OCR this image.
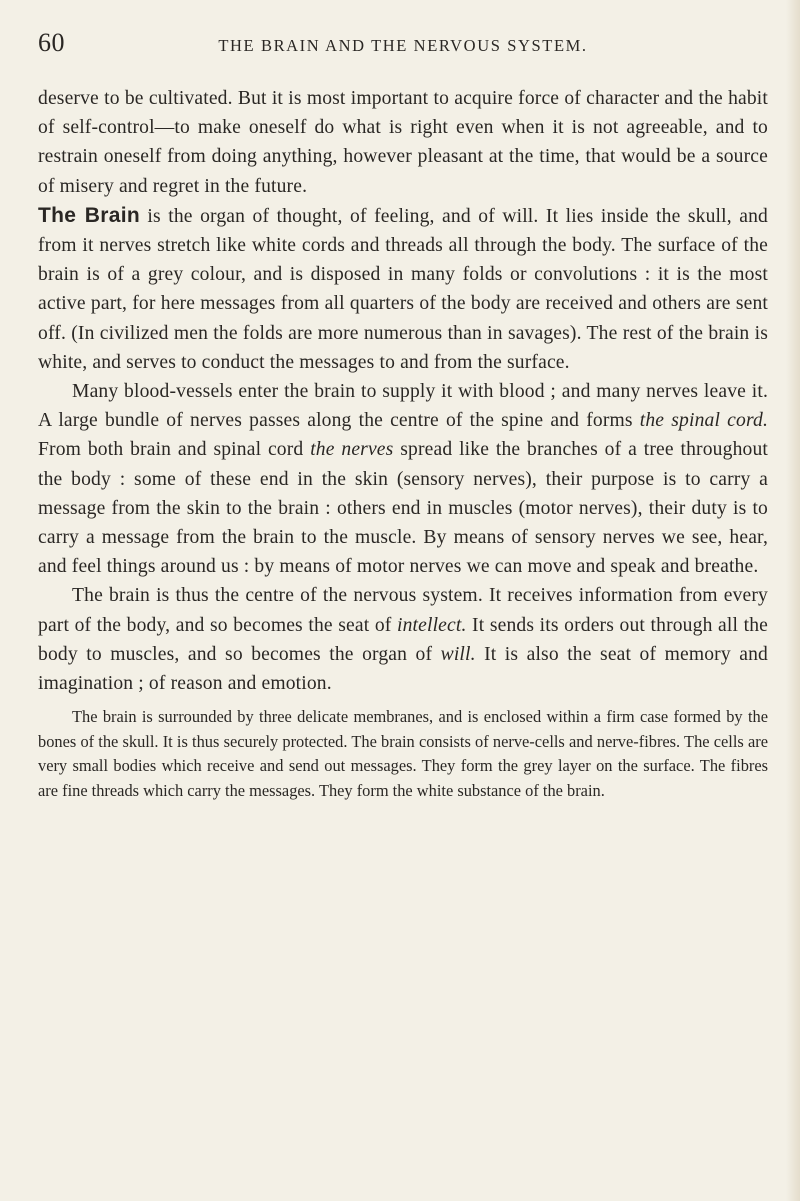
60	THE BRAIN AND THE NERVOUS SYSTEM.

deserve to be cultivated. But it is most important to acquire force of character and the habit of self-control—to make oneself do what is right even when it is not agreeable, and to restrain oneself from doing anything, however pleasant at the time, that would be a source of misery and regret in the future.

The Brain is the organ of thought, of feeling, and of will. It lies inside the skull, and from it nerves stretch like white cords and threads all through the body. The surface of the brain is of a grey colour, and is disposed in many folds or convolutions : it is the most active part, for here messages from all quarters of the body are received and others are sent off. (In civilized men the folds are more numerous than in savages). The rest of the brain is white, and serves to conduct the messages to and from the surface.

Many blood-vessels enter the brain to supply it with blood ; and many nerves leave it. A large bundle of nerves passes along the centre of the spine and forms the spinal cord. From both brain and spinal cord the nerves spread like the branches of a tree throughout the body : some of these end in the skin (sensory nerves), their purpose is to carry a message from the skin to the brain : others end in muscles (motor nerves), their duty is to carry a message from the brain to the muscle. By means of sensory nerves we see, hear, and feel things around us : by means of motor nerves we can move and speak and breathe.

The brain is thus the centre of the nervous system. It receives information from every part of the body, and so becomes the seat of intellect. It sends its orders out through all the body to muscles, and so becomes the organ of will. It is also the seat of memory and imagination ; of reason and emotion.

The brain is surrounded by three delicate membranes, and is enclosed within a firm case formed by the bones of the skull. It is thus securely protected. The brain consists of nerve-cells and nerve-fibres. The cells are very small bodies which receive and send out messages. They form the grey layer on the surface. The fibres are fine threads which carry the messages. They form the white substance of the brain.
